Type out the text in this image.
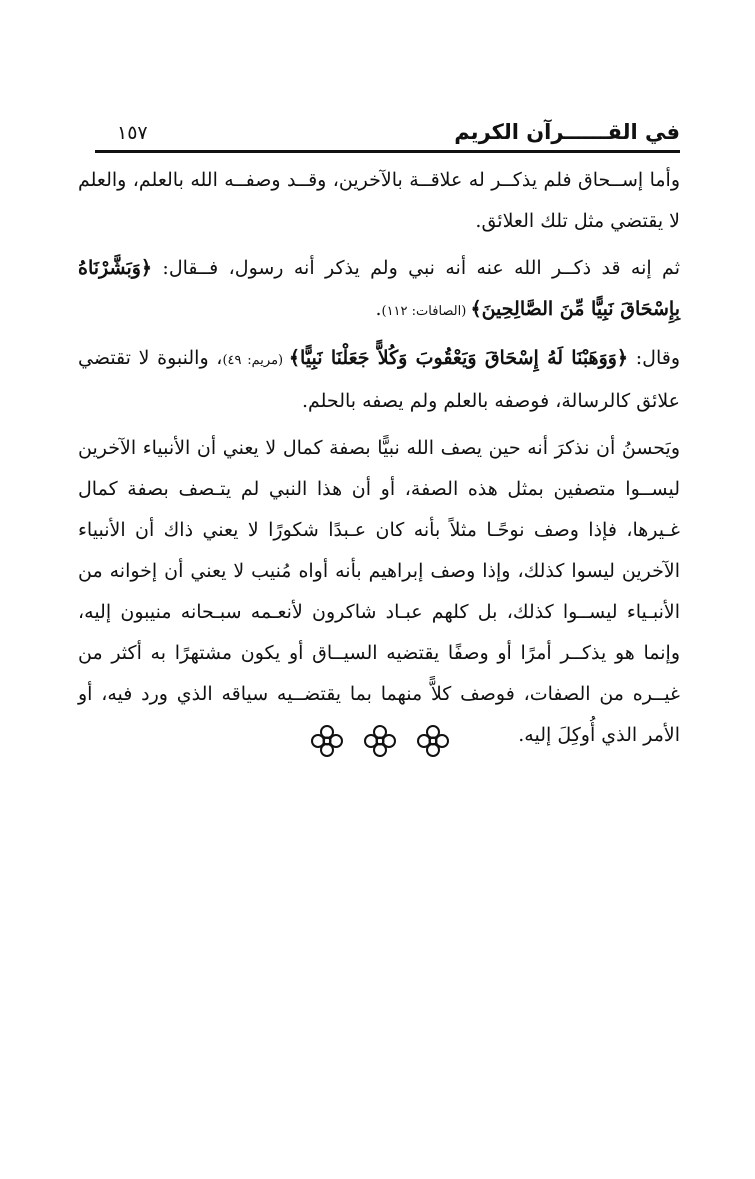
في القــــــرآن الكريم
١٥٧

وأما إســحاق فلم يذكــر له علاقــة بالآخرين، وقــد وصفــه الله بالعلم، والعلم لا يقتضي مثل تلك العلائق.

ثم إنه قد ذكــر الله عنه أنه نبي ولم يذكر أنه رسول، فــقال: ﴿وَبَشَّرْنَاهُ بِإِسْحَاقَ نَبِيًّا مِّنَ الصَّالِحِينَ﴾ (الصافات: ١١٢).

وقال: ﴿وَوَهَبْنَا لَهُ إِسْحَاقَ وَيَعْقُوبَ وَكُلاًّ جَعَلْنَا نَبِيًّا﴾ (مريم: ٤٩)، والنبوة لا تقتضي علائق كالرسالة، فوصفه بالعلم ولم يصفه بالحلم.

ويَحسنُ أن نذكرَ أنه حين يصف الله نبيًّا بصفة كمال لا يعني أن الأنبياء الآخرين ليســوا متصفين بمثل هذه الصفة، أو أن هذا النبي لم يتـصف بصفة كمال غـيرها، فإذا وصف نوحًـا مثلاً بأنه كان عـبدًا شكورًا لا يعني ذاك أن الأنبياء الآخرين ليسوا كذلك، وإذا وصف إبراهيم بأنه أواه مُنيب لا يعني أن إخوانه من الأنبـياء ليســوا كذلك، بل كلهم عبـاد شاكرون لأنعـمه سبـحانه منيبون إليه، وإنما هو يذكــر أمرًا أو وصفًا يقتضيه السيــاق أو يكون مشتهرًا به أكثر من غيــره من الصفات، فوصف كلاًّ منهما بما يقتضــيه سياقه الذي ورد فيه، أو الأمر الذي أُوكِلَ إليه.
